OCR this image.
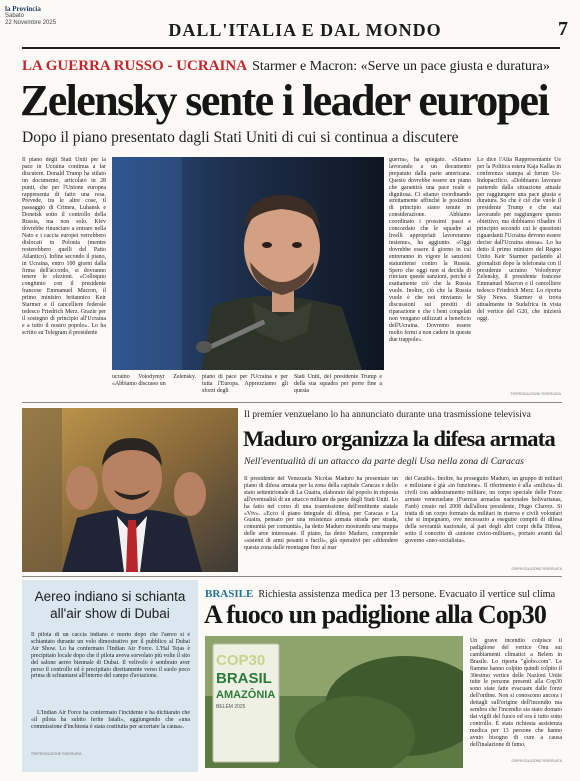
la Provincia
Sabato
22 Novembre 2025	DALL'ITALIA E DAL MONDO	7
LA GUERRA RUSSO - UCRAINA Starmer e Macron: «Serve un pace giusta e duratura»
Zelensky sente i leader europei
Dopo il piano presentato dagli Stati Uniti di cui si continua a discutere
Il piano degli Stati Uniti per la pace in Ucraina continua a far discutere. Donald Trump ha stilato un documento, articolato in 28 punti, che per l'Unione europea rappresenta di fatto una resa. Prevede, tra le altre cose, il passaggio di Crimea, Luhansk e Donetsk sotto il controllo della Russia, ma non solo. Kiev dovrebbe rinunciare a entrare nella Nato e i caccia europei verrebbero dislocati in Polonia (mentre resterebbero quelli del Patto Atlantico). Infine secondo il piano, in Ucraina, entro 100 giorni dalla firma dell'accordo, si dovranno tenere le elezioni. «Colloquio congiunto con il presidente francese Emmanuel Macron, il primo ministro britannico Keir Starmer e il cancelliere federale tedesco Friedrich Merz. Grazie per il sostegno di principio all'Ucraina e a tutto il nostro popolo». Lo ha scritto su Telegram il presidente
ucraino Volodymyr Zelensky. «Abbiamo discusso un
piano di pace per l'Ucraina e per tutta l'Europa. Apprezziamo gli sforzi degli
Stati Uniti, del presidente Trump e della sua squadra per porre fine a questa
guerra», ha spiegato. «Stiamo lavorando a un documento preparato dalla parte americana. Questo dovrebbe essere un piano che garantirà una pace reale e dignitosa. Ci stiamo coordinando strettamente affinché le posizioni di principio siano tenute in considerazione. Abbiamo coordinato i prossimi passi e concordato che le squadre ai livelli appropriati lavoreranno insieme», ha aggiunto. «Oggi dovrebbe essere il giorno in cui entreranno in vigore le sanzioni statunitensi contro la Russia. Spero che oggi non si decida di rinviare queste sanzioni, perché è esattamente ciò che la Russia vuole. Inoltre, ciò che la Russia vuole è che noi rinviamo le discussioni sui prestiti di riparazione e che i beni congelati non vengano utilizzati a beneficio dell'Ucraina. Dovremo essere molto fermi a non cadere in queste due trappole».
Lo dice l'Alta Rappresentante Ue per la Politica estera Kaja Kallas in conferenza stampa al forum Ue-Indopacifico. «Dobbiamo lavorare partendo dalla situazione attuale per raggiungere una pace giusta e duratura. So che è ciò che vuole il presidente Trump e che stai lavorando per raggiungere questo obiettivo, ma dobbiamo ribadire il principio secondo cui le questioni riguardanti l'Ucraina devono essere decise dall'Ucraina stessa». Lo ha detto il primo ministro del Regno Unito Keir Starmer parlando al giornalisti dopo la telefonata con il presidente ucraino Volodymyr Zelensky, il presidente francese Emmanuel Macron e il cancelliere tedesco Friedrich Merz. Lo riporta Sky News. Starmer si trova attualmente in Sudafrica in vista del vertice del G20, che inizierà oggi.
©RIPRODUZIONE RISERVATA
Il premier venzuelano lo ha annunciato durante una trasmissione televisiva
Maduro organizza la difesa armata
Nell'eventualità di un attacco da parte degli Usa nella zona di Caracas
Il presidente del Venezuela Nicolas Maduro ha presentato un piano di difesa armata per la zona della capitale Caracas e dello stato settentrionale di La Guaira, elaborato dal popolo in risposta all'eventualità di un attacco militare da parte degli Stati Uniti. Lo ha fatto nel corso di una trasmissione dell'emittente statale «Vtv». «Ecco il piano integrale di difesa, per Caracas e La Guaira, pensato per una resistenza armata strada per strada, comunità per comunità», ha detto Maduro mostrando una mappa delle aree interessate. Il piano, ha detto Maduro, comprende «sistemi di armi pesanti e fucili», già operativi per «difendere questa zona dalle montagne fino al mar
dei Caraibi». Inoltre, ha proseguito Maduro, un gruppo di militari e miliziane è già «in funzione». Il riferimento è alla «milizia» di civili con addestramento militare, un corpo speciale delle Forze armate venezuelane (Fuerzas armadas nacionales bolivarianas, Fanb) creato nel 2008 dall'allora presidente, Hugo Chavez. Si tratta di un corpo formato da militari in riserva e civili volontari che si impegnano, ove necessario a eseguire compiti di difesa della sovranità nazionale, al pari degli altri corpi della Difesa, sotto il concetto di «unione civico-militare», portato avanti dal governo «neo-socialista».
©RIPRODUZIONE RISERVATA
Aereo indiano si schianta all'air show di Dubai
Il pilota di un caccia indiano è morto dopo che l'aereo si è schiantato durante un volo dimostrativo per il pubblico al Dubai Air Show. Lo ha confermato l'Indian Air Force. L'Hal Tejas è precipitato locale dopo che il pilota aveva sorvolato più volte il sito del salone aereo biennale di Dubai. Il velivolo è sembrato aver perso il controllo ed è precipitato direttamente verso il suolo poco prima di schiantarsi all'interno del campo d'aviazione.
L'Indian Air Force ha confermato l'incidente e ha dichiarato che «il pilota ha subito ferite fatali», aggiungendo che «una commissione d'inchiesta è stata costituita per accertare la causa».
©RIPRODUZIONE RISERVATA
BRASILE Richiesta assistenza medica per 13 persone. Evacuato il vertice sul clima
A fuoco un padiglione alla Cop30
COP30
BRASIL
AMAZÔNIA
BELÉM 2025
Un grave incendio colpisce il padiglione del vertice Onu sui cambiamenti climatici a Belem in Brasile. Lo riporta "globo.com". Le fiamme hanno colpito quindi colpito il 30esimo vertice delle Nazioni Unite tutte le persone presenti alla Cop30 sono state fatte evacuare dalle forze dell'ordine. Non si conoscono ancora i dettagli sull'origine dell'incendio ma sembra che l'incendio sia stato domato dai vigili del fuoco ed ora è tutto sotto controllo. È stata richiesta assistenza medica per 13 persone che hanno avuto bisogno di cure a causa dell'inalazione di fumo.
©RIPRODUZIONE RISERVATA
